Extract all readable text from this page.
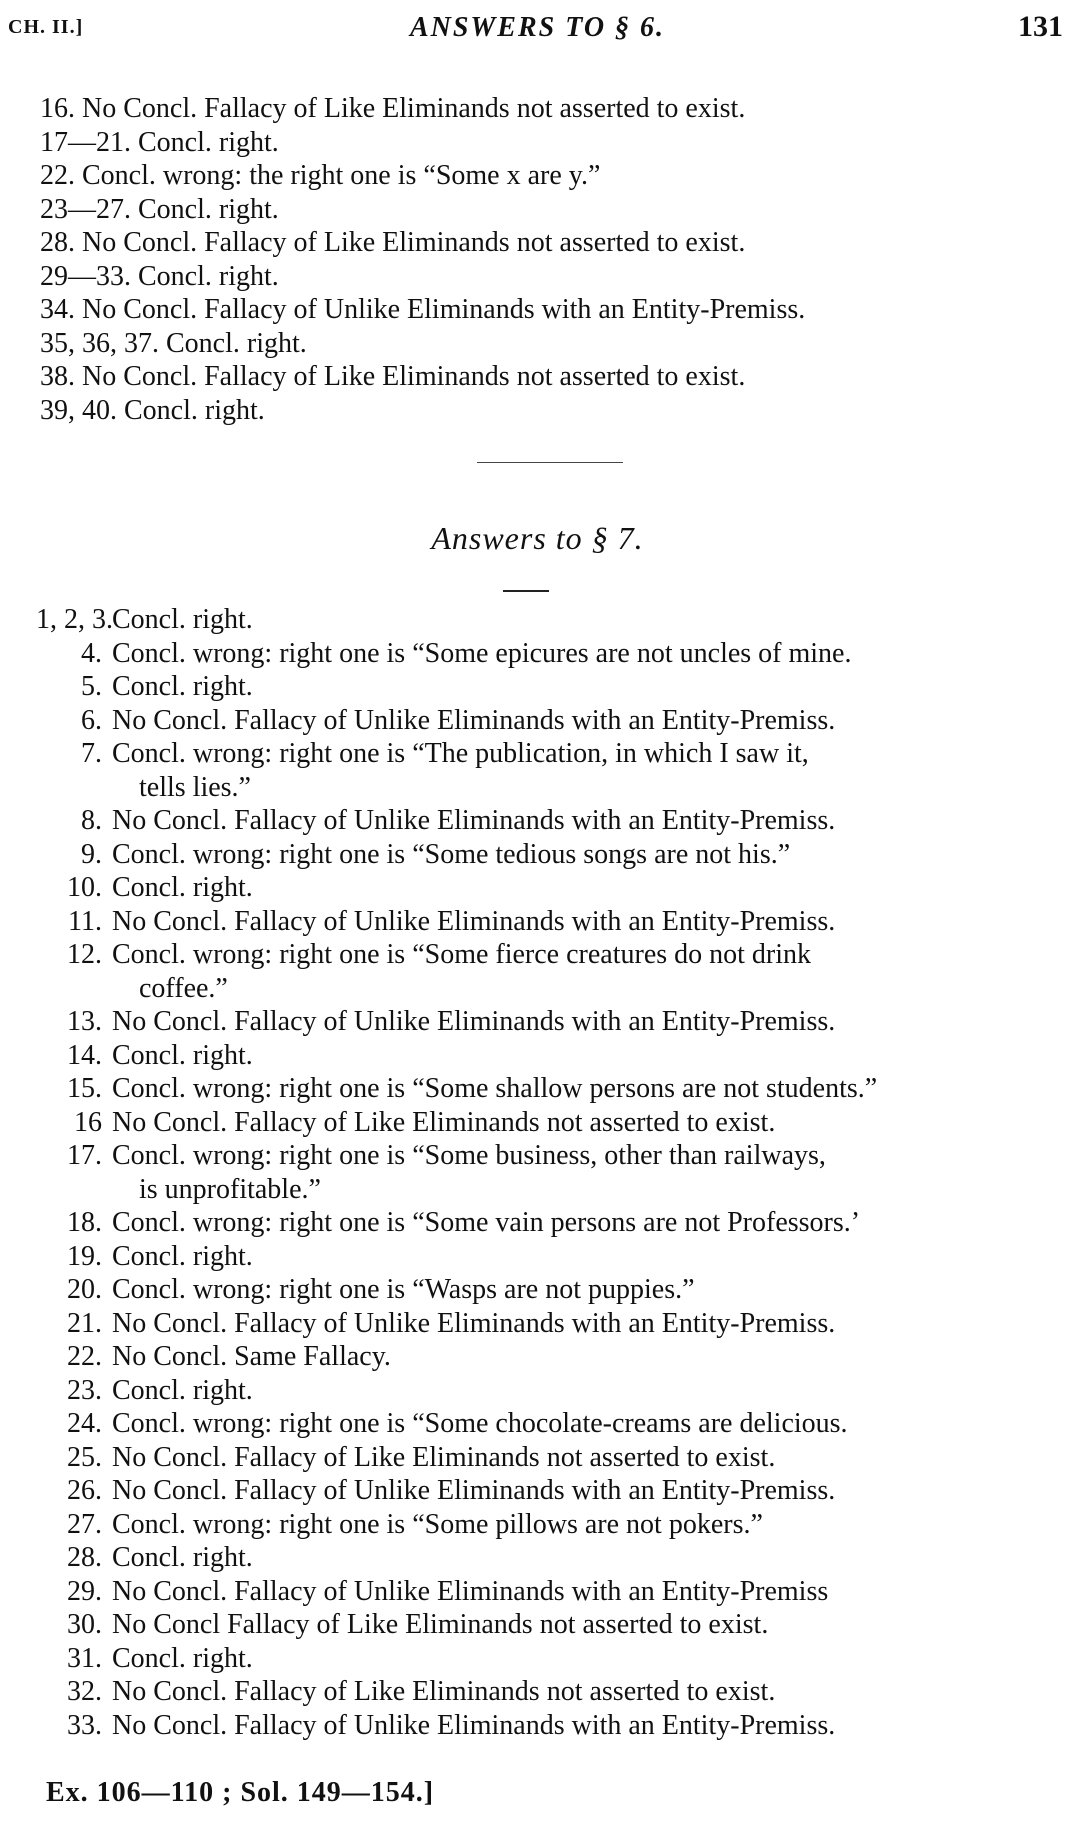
CH. II.]	ANSWERS TO § 6.	131
16. No Concl. Fallacy of Like Eliminands not asserted to exist.
17—21. Concl. right.
22. Concl. wrong: the right one is “Some x are y.”
23—27. Concl. right.
28. No Concl. Fallacy of Like Eliminands not asserted to exist.
29—33. Concl. right.
34. No Concl. Fallacy of Unlike Eliminands with an Entity-Premiss.
35, 36, 37. Concl. right.
38. No Concl. Fallacy of Like Eliminands not asserted to exist.
39, 40. Concl. right.
Answers to § 7.
1, 2, 3. Concl. right.
4. Concl. wrong: right one is “Some epicures are not uncles of mine.
5. Concl. right.
6. No Concl. Fallacy of Unlike Eliminands with an Entity-Premiss.
7. Concl. wrong: right one is “The publication, in which I saw it,
tells lies.”
8. No Concl. Fallacy of Unlike Eliminands with an Entity-Premiss.
9. Concl. wrong: right one is “Some tedious songs are not his.”
10. Concl. right.
11. No Concl. Fallacy of Unlike Eliminands with an Entity-Premiss.
12. Concl. wrong: right one is “Some fierce creatures do not drink
coffee.”
13. No Concl. Fallacy of Unlike Eliminands with an Entity-Premiss.
14. Concl. right.
15. Concl. wrong: right one is “Some shallow persons are not students.”
16 No Concl. Fallacy of Like Eliminands not asserted to exist.
17. Concl. wrong: right one is “Some business, other than railways,
is unprofitable.”
18. Concl. wrong: right one is “Some vain persons are not Professors.’
19. Concl. right.
20. Concl. wrong: right one is “Wasps are not puppies.”
21. No Concl. Fallacy of Unlike Eliminands with an Entity-Premiss.
22. No Concl. Same Fallacy.
23. Concl. right.
24. Concl. wrong: right one is “Some chocolate-creams are delicious.
25. No Concl. Fallacy of Like Eliminands not asserted to exist.
26. No Concl. Fallacy of Unlike Eliminands with an Entity-Premiss.
27. Concl. wrong: right one is “Some pillows are not pokers.”
28. Concl. right.
29. No Concl. Fallacy of Unlike Eliminands with an Entity-Premiss
30. No Concl Fallacy of Like Eliminands not asserted to exist.
31. Concl. right.
32. No Concl. Fallacy of Like Eliminands not asserted to exist.
33. No Concl. Fallacy of Unlike Eliminands with an Entity-Premiss.
Ex. 106—110 ; Sol. 149—154.]
